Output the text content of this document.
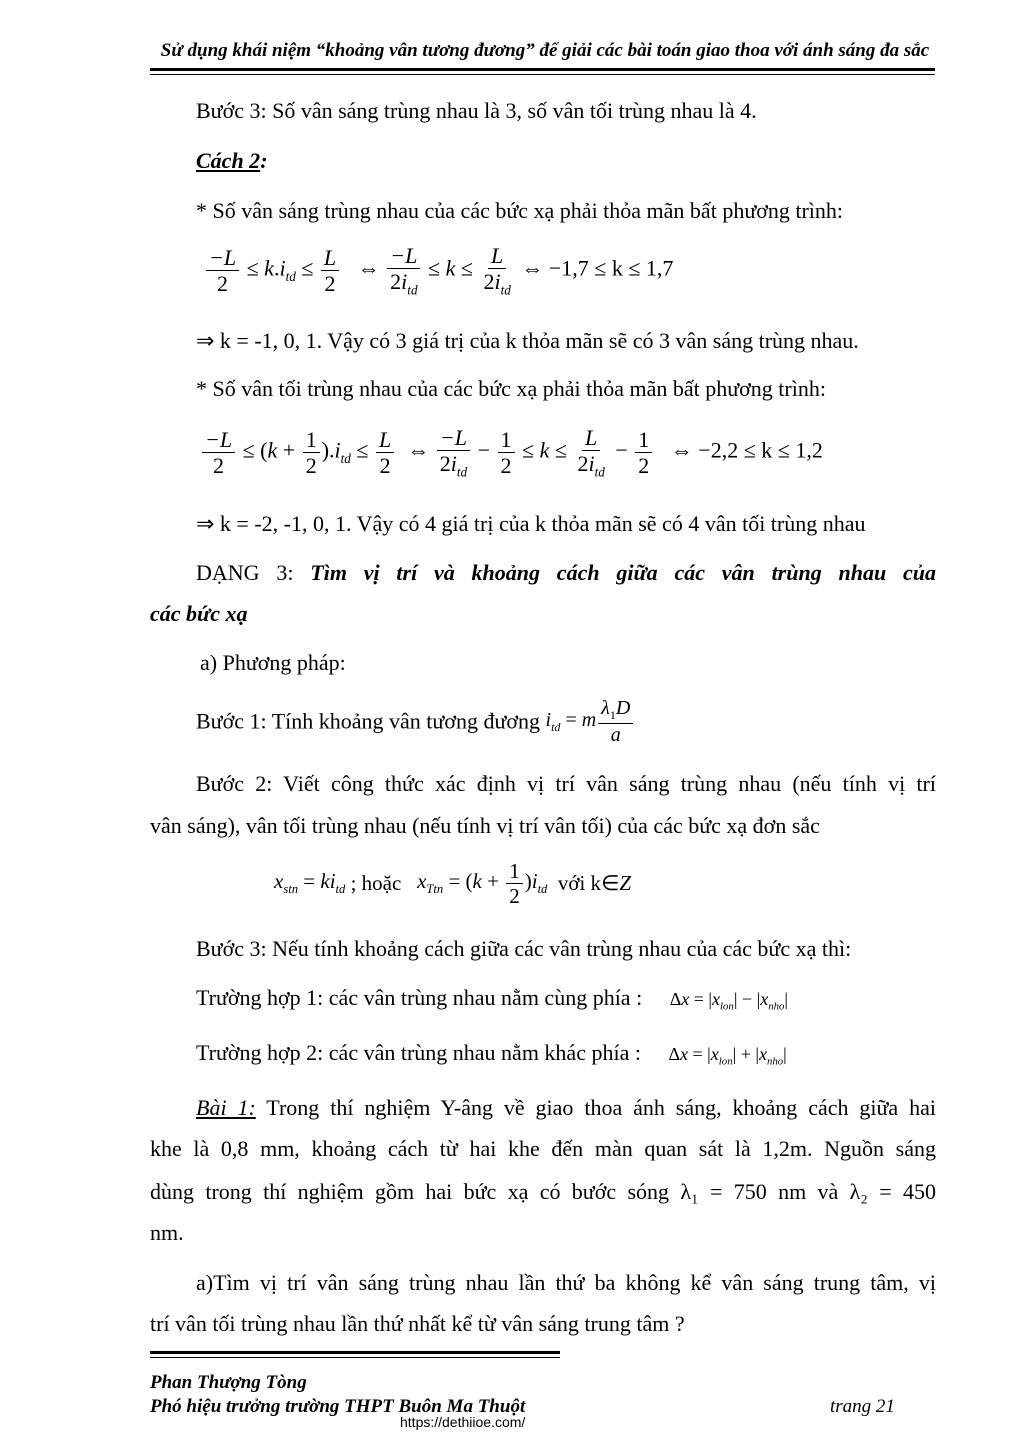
Sử dụng khái niệm “khoảng vân tương đương” để giải các bài toán giao thoa với ánh sáng đa sắc
Bước 3: Số vân sáng trùng nhau là 3, số vân tối trùng nhau là 4.
Cách 2:
* Số vân sáng trùng nhau của các bức xạ phải thỏa mãn bất phương trình:
$\frac{-L}{2} \le k.i_{td} \le \frac{L}{2}$ ⇔ $\frac{-L}{2i_{td}} \le k \le \frac{L}{2i_{td}}$ ⇔ −1,7 ≤ k ≤ 1,7
⇒ k = -1, 0, 1. Vậy có 3 giá trị của k thỏa mãn sẽ có 3 vân sáng trùng nhau.
* Số vân tối trùng nhau của các bức xạ phải thỏa mãn bất phương trình:
$\frac{-L}{2} \le (k + \frac{1}{2} ).i_{td} \le \frac{L}{2}$ ⇔ $\frac{-L}{2i_{td}} - \frac{1}{2} \le k \le \frac{L}{2i_{td}} - \frac{1}{2}$ ⇔ −2,2 ≤ k ≤ 1,2
⇒ k = -2, -1, 0, 1. Vậy có 4 giá trị của k thỏa mãn sẽ có 4 vân tối trùng nhau
DẠNG 3: Tìm vị trí và khoảng cách giữa các vân trùng nhau của
các bức xạ
a) Phương pháp:
Bước 1: Tính khoảng vân tương đương $i_{td} = m \frac{\lambda_1D}{a}$
Bước 2: Viết công thức xác định vị trí vân sáng trùng nhau (nếu tính vị trí
vân sáng), vân tối trùng nhau (nếu tính vị trí vân tối) của các bức xạ đơn sắc
$x_{stn} = ki_{td}$ ; hoặc $x_{Ttn} = (k + \frac{1}{2} )i_{td}$ với k∈Z
Bước 3: Nếu tính khoảng cách giữa các vân trùng nhau của các bức xạ thì:
Trường hợp 1: các vân trùng nhau nằm cùng phía : $\Delta x = |x_{lon}| - |x_{nho}|$
Trường hợp 2: các vân trùng nhau nằm khác phía : $\Delta x = |x_{lon}| + |x_{nho}|$
Bài 1: Trong thí nghiệm Y-âng về giao thoa ánh sáng, khoảng cách giữa hai
khe là 0,8 mm, khoảng cách từ hai khe đến màn quan sát là 1,2m. Nguồn sáng
dùng trong thí nghiệm gồm hai bức xạ có bước sóng λ₁ = 750 nm và λ₂ = 450
nm.
a)Tìm vị trí vân sáng trùng nhau lần thứ ba không kể vân sáng trung tâm, vị
trí vân tối trùng nhau lần thứ nhất kể từ vân sáng trung tâm ?
Phan Thượng Tòng
Phó hiệu trưởng trường THPT Buôn Ma Thuột	trang 21
https://dethiioe.com/
